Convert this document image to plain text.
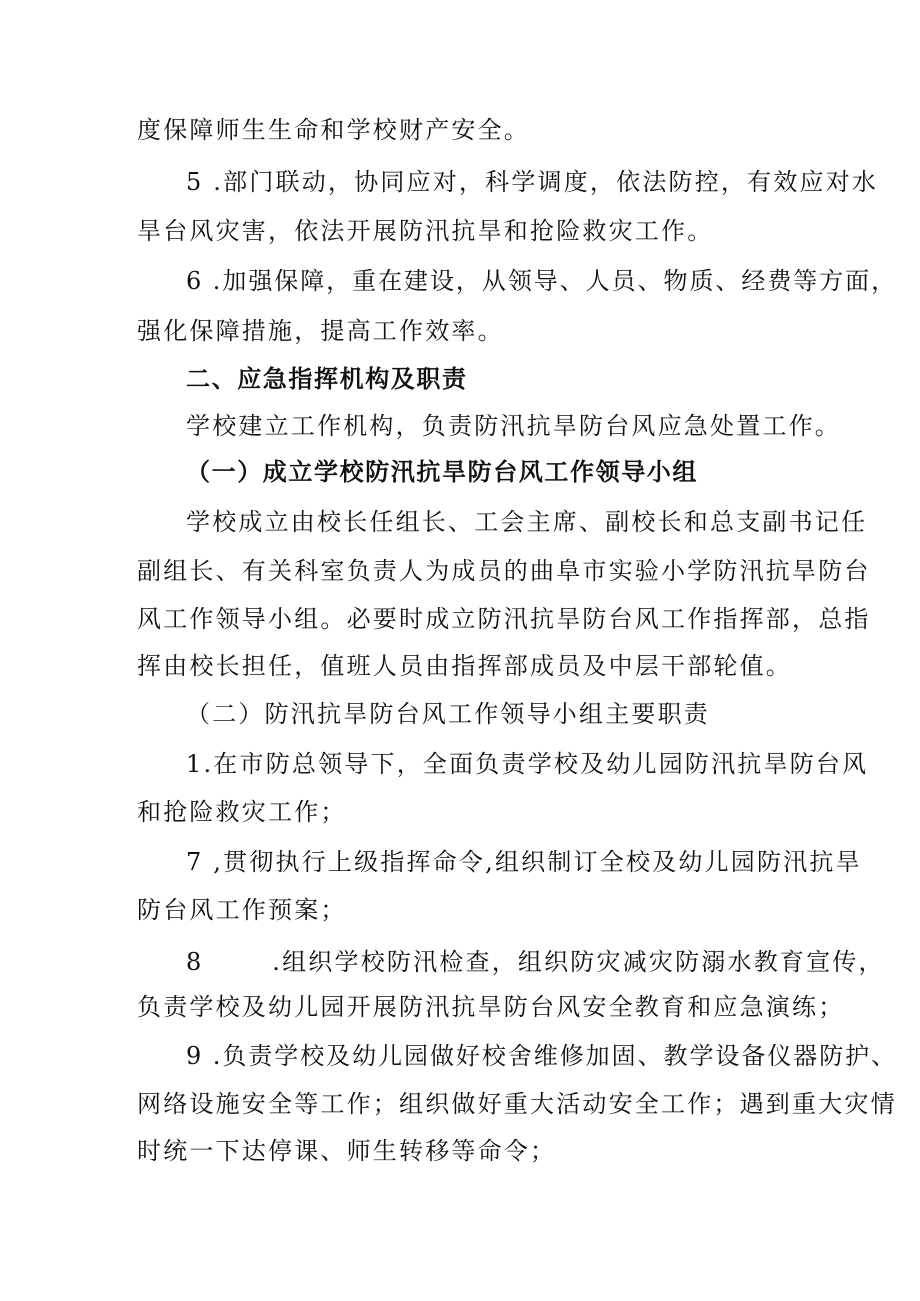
度保障师生生命和学校财产安全。
5 .部门联动，协同应对，科学调度，依法防控，有效应对水
旱台风灾害，依法开展防汛抗旱和抢险救灾工作。
6 .加强保障，重在建设，从领导、人员、物质、经费等方面，
强化保障措施，提高工作效率。
二、应急指挥机构及职责
学校建立工作机构，负责防汛抗旱防台风应急处置工作。
（一）成立学校防汛抗旱防台风工作领导小组
学校成立由校长任组长、工会主席、副校长和总支副书记任
副组长、有关科室负责人为成员的曲阜市实验小学防汛抗旱防台
风工作领导小组。必要时成立防汛抗旱防台风工作指挥部，总指
挥由校长担任，值班人员由指挥部成员及中层干部轮值。
（二）防汛抗旱防台风工作领导小组主要职责
1.在市防总领导下，全面负责学校及幼儿园防汛抗旱防台风
和抢险救灾工作；
7 ,贯彻执行上级指挥命令,组织制订全校及幼儿园防汛抗旱
防台风工作预案；
8       .组织学校防汛检查，组织防灾减灾防溺水教育宣传，
负责学校及幼儿园开展防汛抗旱防台风安全教育和应急演练；
9 .负责学校及幼儿园做好校舍维修加固、教学设备仪器防护、
网络设施安全等工作；组织做好重大活动安全工作；遇到重大灾情
时统一下达停课、师生转移等命令；
